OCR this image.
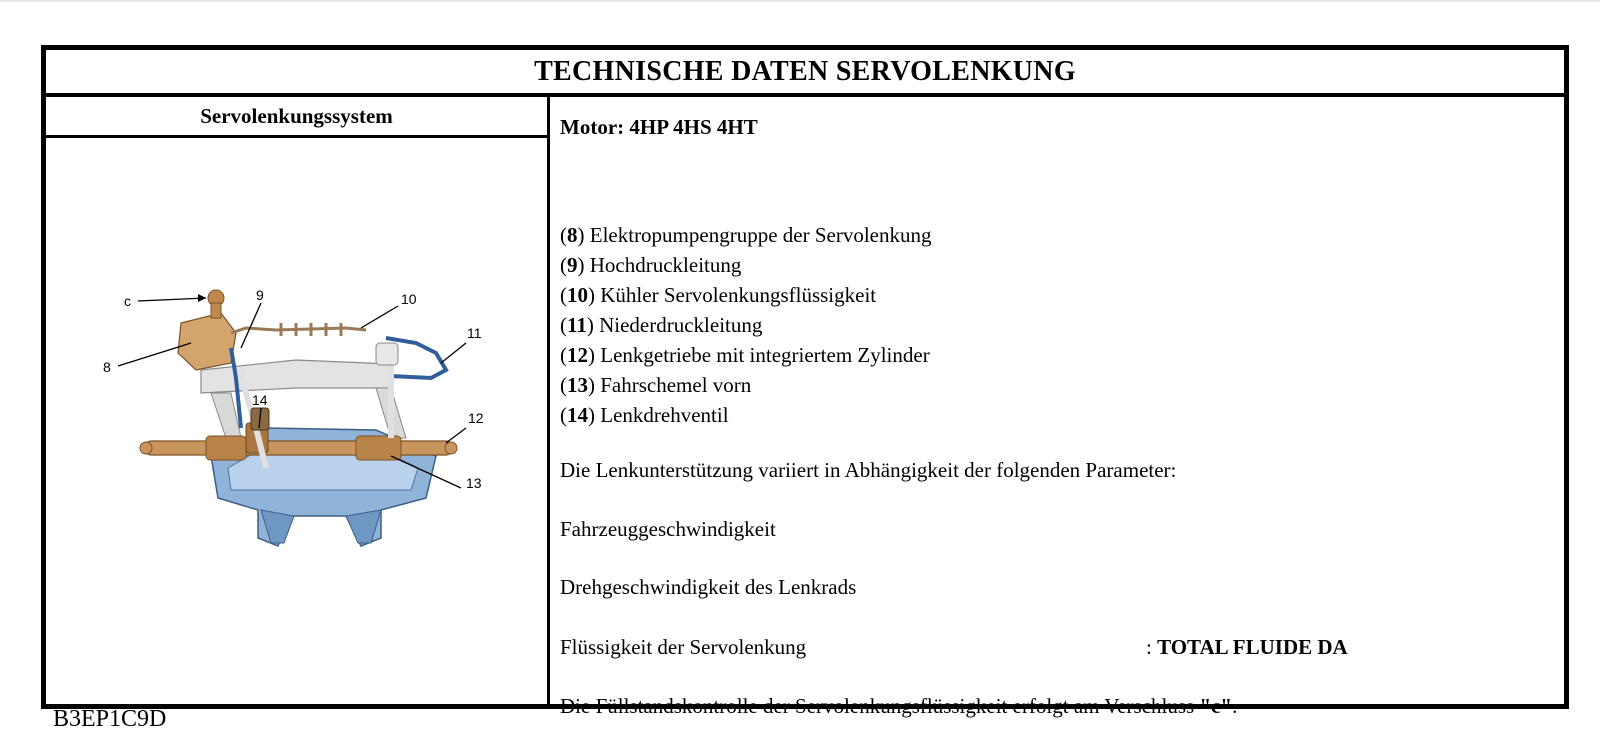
TECHNISCHE DATEN SERVOLENKUNG
Servolenkungssystem
c
8
9	10
11
12
13
14
Motor: 4HP 4HS 4HT
(8) Elektropumpengruppe der Servolenkung
(9) Hochdruckleitung
(10) Kühler Servolenkungsflüssigkeit
(11) Niederdruckleitung
(12) Lenkgetriebe mit integriertem Zylinder
(13) Fahrschemel vorn
(14) Lenkdrehventil
Die Lenkunterstützung variiert in Abhängigkeit der folgenden Parameter:
Fahrzeuggeschwindigkeit
Drehgeschwindigkeit des Lenkrads
Flüssigkeit der Servolenkung	: TOTAL FLUIDE DA
Die Füllstandskontrolle der Servolenkungsflüssigkeit erfolgt am Verschluss "c".
B3EP1C9D
